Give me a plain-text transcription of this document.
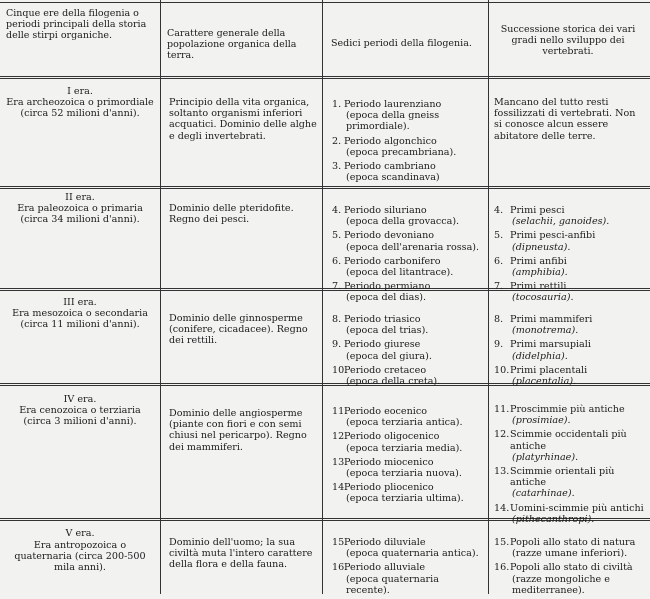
Cinque ere della filogenia o periodi principali della storia delle stirpi organiche.	Carattere generale della popolazione organica della terra.
Sedici periodi della filogenia.
Successione storica dei vari gradi nello sviluppo dei vertebrati.
I era.
Era archeozoica o primordiale (circa 52 milioni d'anni).
Principio della vita organica, soltanto organismi inferiori acquatici. Dominio delle alghe e degli invertebrati.
1. Periodo laurenziano
(epoca della gneiss primordiale).
2. Periodo algonchico
(epoca precambriana).
3. Periodo cambriano
(epoca scandinava)
Mancano del tutto resti fossilizzati di vertebrati. Non si conosce alcun essere abitatore delle terre.
II era.
Era paleozoica o primaria (circa 34 milioni d'anni).
Dominio delle pteridofite. Regno dei pesci.
4. Periodo siluriano
(epoca della grovacca).
5. Periodo devoniano
(epoca dell'arenaria rossa).
6. Periodo carbonifero
(epoca del litantrace).
7. Periodo permiano
(epoca del dias).
4. Primi pesci
(selachii, ganoides).
5. Primi pesci-anfibi
(dipneusta).
6. Primi anfibi
(amphibia).
7. Primi rettili
(tocosauria).
III era.
Era mesozoica o secondaria (circa 11 milioni d'anni).
Dominio delle ginnosperme (conifere, cicadacee). Regno dei rettili.
8. Periodo triasico
(epoca del trias).
9. Periodo giurese
(epoca del giura).
10.
Periodo cretaceo
(epoca della creta).
8. Primi mammiferi
(monotrema).
9. Primi marsupiali
(didelphia).
10. Primi placentali
(placentalia).
IV era.
Era cenozoica o terziaria (circa 3 milioni d'anni).
Dominio delle angiosperme (piante con fiori e con semi chiusi nel pericarpo). Regno dei mammiferi.
11.
Periodo eocenico
(epoca terziaria antica).
12.
Periodo oligocenico
(epoca terziaria media).
13.
Periodo miocenico
(epoca terziaria nuova).
14.
Periodo pliocenico
(epoca terziaria ultima).
11. Proscimmie più antiche
(prosimiae).
12. Scimmie occidentali più antiche
(platyrhinae).
13. Scimmie orientali più antiche
(catarhinae).
14. Uomini-scimmie più antichi
(pithecanthropi).
V era.
Era antropozoica o quaternaria (circa 200-500 mila anni).
Dominio dell'uomo; la sua civiltà muta l'intero carattere della flora e della fauna.
15.
Periodo diluviale
(epoca quaternaria antica).
16.
Periodo alluviale
(epoca quaternaria recente).
15. Popoli allo stato di natura
(razze umane inferiori).
16. Popoli allo stato di civiltà
(razze mongoliche e mediterranee).
